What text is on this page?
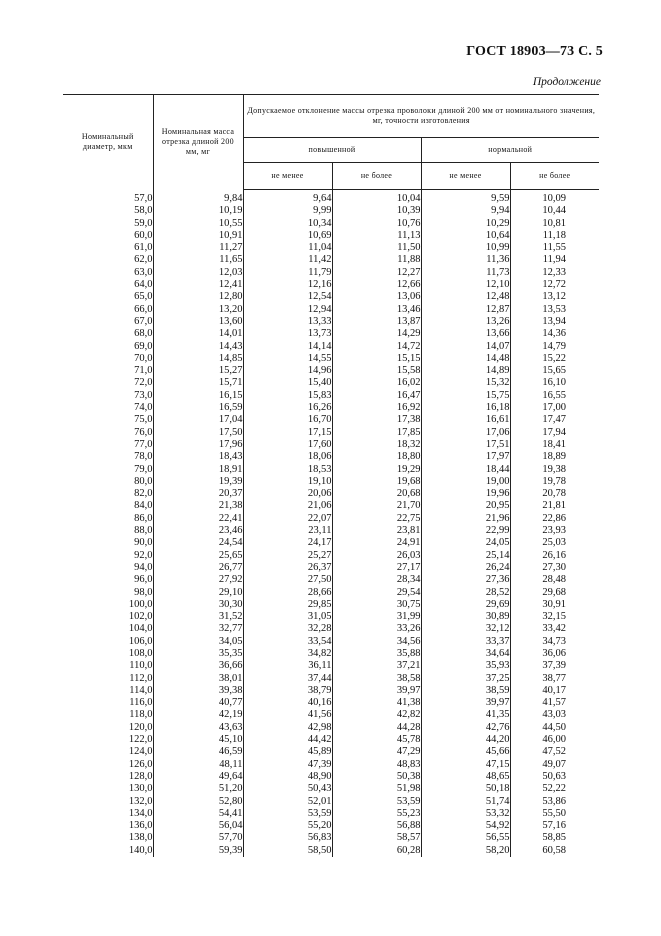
ГОСТ 18903—73 С. 5
Продолжение
Номинальный диаметр, мкм	Номинальная масса отрезка длиной 200 мм, мг	Допускаемое отклонение массы отрезка проволоки длиной 200 мм от номинального значения, мг, точности изготовления			
		повышенной		нормальной	
		не менее	не более	не менее	не более
57,0	9,84	9,64	10,04	9,59	10,09
58,0	10,19	9,99	10,39	9,94	10,44
59,0	10,55	10,34	10,76	10,29	10,81
60,0	10,91	10,69	11,13	10,64	11,18
61,0	11,27	11,04	11,50	10,99	11,55
62,0	11,65	11,42	11,88	11,36	11,94
63,0	12,03	11,79	12,27	11,73	12,33
64,0	12,41	12,16	12,66	12,10	12,72
65,0	12,80	12,54	13,06	12,48	13,12
66,0	13,20	12,94	13,46	12,87	13,53
67,0	13,60	13,33	13,87	13,26	13,94
68,0	14,01	13,73	14,29	13,66	14,36
69,0	14,43	14,14	14,72	14,07	14,79
70,0	14,85	14,55	15,15	14,48	15,22
71,0	15,27	14,96	15,58	14,89	15,65
72,0	15,71	15,40	16,02	15,32	16,10
73,0	16,15	15,83	16,47	15,75	16,55
74,0	16,59	16,26	16,92	16,18	17,00
75,0	17,04	16,70	17,38	16,61	17,47
76,0	17,50	17,15	17,85	17,06	17,94
77,0	17,96	17,60	18,32	17,51	18,41
78,0	18,43	18,06	18,80	17,97	18,89
79,0	18,91	18,53	19,29	18,44	19,38
80,0	19,39	19,10	19,68	19,00	19,78
82,0	20,37	20,06	20,68	19,96	20,78
84,0	21,38	21,06	21,70	20,95	21,81
86,0	22,41	22,07	22,75	21,96	22,86
88,0	23,46	23,11	23,81	22,99	23,93
90,0	24,54	24,17	24,91	24,05	25,03
92,0	25,65	25,27	26,03	25,14	26,16
94,0	26,77	26,37	27,17	26,24	27,30
96,0	27,92	27,50	28,34	27,36	28,48
98,0	29,10	28,66	29,54	28,52	29,68
100,0	30,30	29,85	30,75	29,69	30,91
102,0	31,52	31,05	31,99	30,89	32,15
104,0	32,77	32,28	33,26	32,12	33,42
106,0	34,05	33,54	34,56	33,37	34,73
108,0	35,35	34,82	35,88	34,64	36,06
110,0	36,66	36,11	37,21	35,93	37,39
112,0	38,01	37,44	38,58	37,25	38,77
114,0	39,38	38,79	39,97	38,59	40,17
116,0	40,77	40,16	41,38	39,97	41,57
118,0	42,19	41,56	42,82	41,35	43,03
120,0	43,63	42,98	44,28	42,76	44,50
122,0	45,10	44,42	45,78	44,20	46,00
124,0	46,59	45,89	47,29	45,66	47,52
126,0	48,11	47,39	48,83	47,15	49,07
128,0	49,64	48,90	50,38	48,65	50,63
130,0	51,20	50,43	51,98	50,18	52,22
132,0	52,80	52,01	53,59	51,74	53,86
134,0	54,41	53,59	55,23	53,32	55,50
136,0	56,04	55,20	56,88	54,92	57,16
138,0	57,70	56,83	58,57	56,55	58,85
140,0	59,39	58,50	60,28	58,20	60,58
